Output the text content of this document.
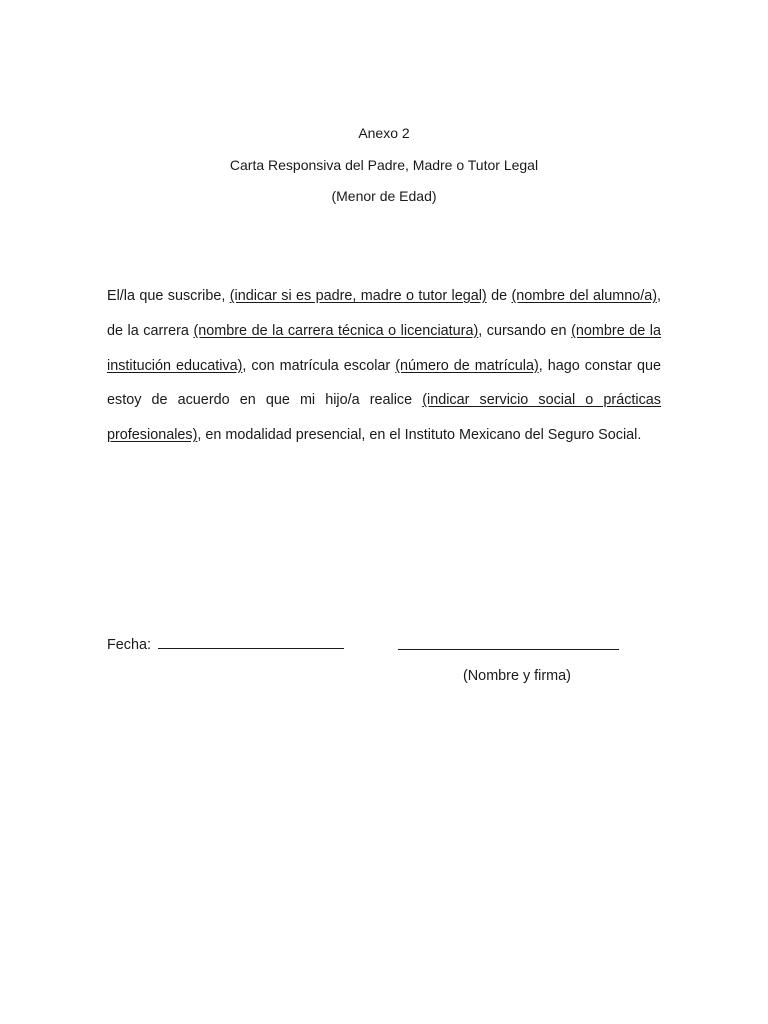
Anexo 2
Carta Responsiva del Padre, Madre o Tutor Legal
(Menor de Edad)
El/la que suscribe, (indicar si es padre, madre o tutor legal) de (nombre del alumno/a), de la carrera (nombre de la carrera técnica o licenciatura), cursando en (nombre de la institución educativa), con matrícula escolar (número de matrícula), hago constar que estoy de acuerdo en que mi hijo/a realice (indicar servicio social o prácticas profesionales), en modalidad presencial, en el Instituto Mexicano del Seguro Social.
Fecha:
(Nombre y firma)
